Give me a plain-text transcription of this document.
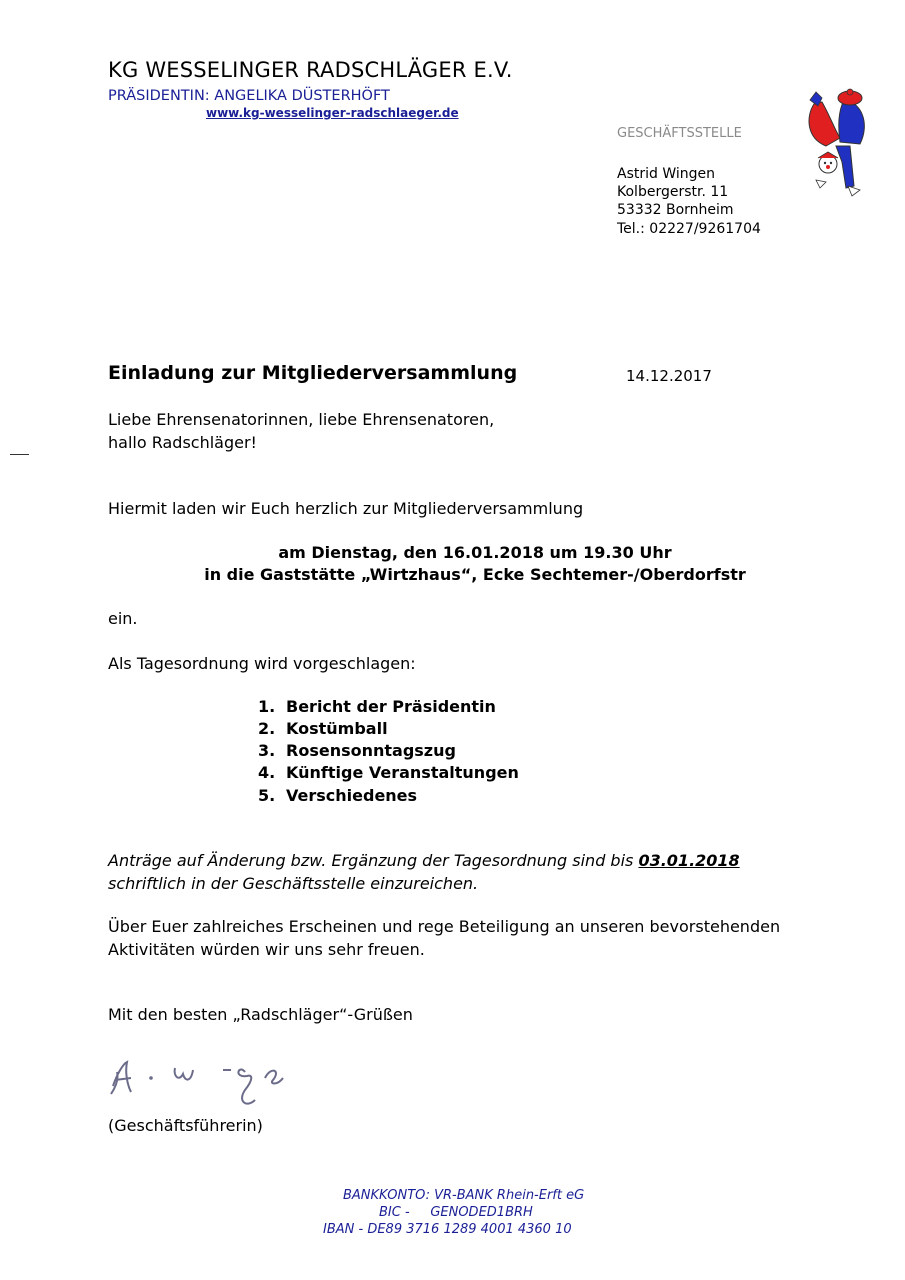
KG WESSELINGER RADSCHLÄGER E.V.

PRÄSIDENTIN: ANGELIKA DÜSTERHÖFT

www.kg-wesselinger-radschlaeger.de

GESCHÄFTSSTELLE

Astrid Wingen

Kolbergerstr. 11

53332 Bornheim

Tel.: 02227/9261704

Einladung zur Mitgliederversammlung	14.12.2017

Liebe Ehrensenatorinnen, liebe Ehrensenatoren,

hallo Radschläger!

Hiermit laden wir Euch herzlich zur Mitgliederversammlung

am Dienstag, den 16.01.2018 um 19.30 Uhr

in die Gaststätte „Wirtzhaus“, Ecke Sechtemer-/Oberdorfstr

ein.

Als Tagesordnung wird vorgeschlagen:

1. Bericht der Präsidentin

2. Kostümball

3. Rosensonntagszug

4. Künftige Veranstaltungen

5. Verschiedenes

Anträge auf Änderung bzw. Ergänzung der Tagesordnung sind bis 03.01.2018

schriftlich in der Geschäftsstelle einzureichen.

Über Euer zahlreiches Erscheinen und rege Beteiligung an unseren bevorstehenden

Aktivitäten würden wir uns sehr freuen.

Mit den besten „Radschläger“-Grüßen

(Geschäftsführerin)

BANKKONTO: VR-BANK Rhein-Erft eG

BIC -     GENODED1BRH

IBAN - DE89 3716 1289 4001 4360 10
